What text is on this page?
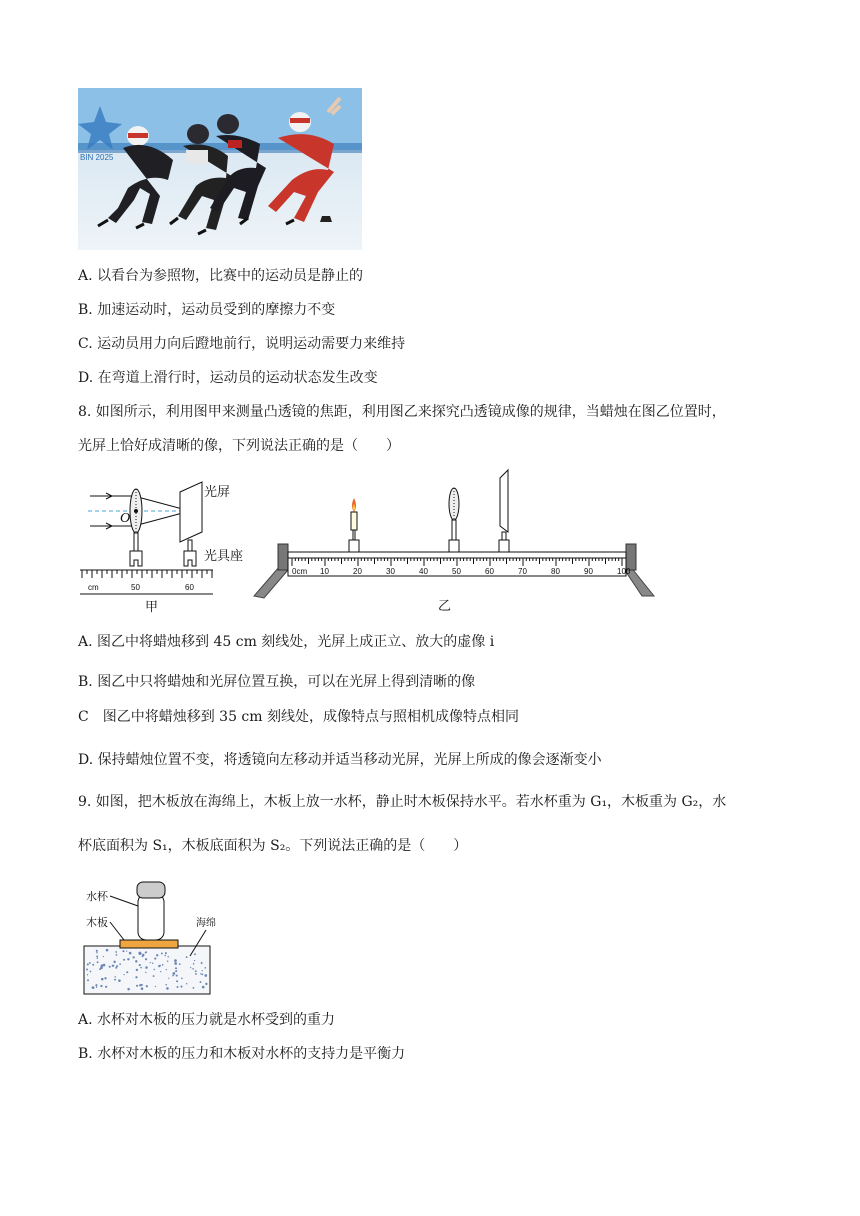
BIN 2025
A. 以看台为参照物，比赛中的运动员是静止的
B. 加速运动时，运动员受到的摩擦力不变
C. 运动员用力向后蹬地前行，说明运动需要力来维持
D. 在弯道上滑行时，运动员的运动状态发生改变
8. 如图所示，利用图甲来测量凸透镜的焦距，利用图乙来探究凸透镜成像的规律，当蜡烛在图乙位置时，
光屏上恰好成清晰的像，下列说法正确的是（　　）
O
光屏
光具座
cm	50	60
甲
0cm 10	20	30	40	50	60	70	80	90	100
乙
A. 图乙中将蜡烛移到 45 cm 刻线处，光屏上成正立、放大的虚像 i
B. 图乙中只将蜡烛和光屏位置互换，可以在光屏上得到清晰的像
C　图乙中将蜡烛移到 35 cm 刻线处，成像特点与照相机成像特点相同
D. 保持蜡烛位置不变，将透镜向左移动并适当移动光屏，光屏上所成的像会逐渐变小
9. 如图，把木板放在海绵上，木板上放一水杯，静止时木板保持水平。若水杯重为 G₁，木板重为 G₂，水
杯底面积为 S₁，木板底面积为 S₂。下列说法正确的是（　　）
水杯
木板	海绵
A. 水杯对木板的压力就是水杯受到的重力
B. 水杯对木板的压力和木板对水杯的支持力是平衡力
